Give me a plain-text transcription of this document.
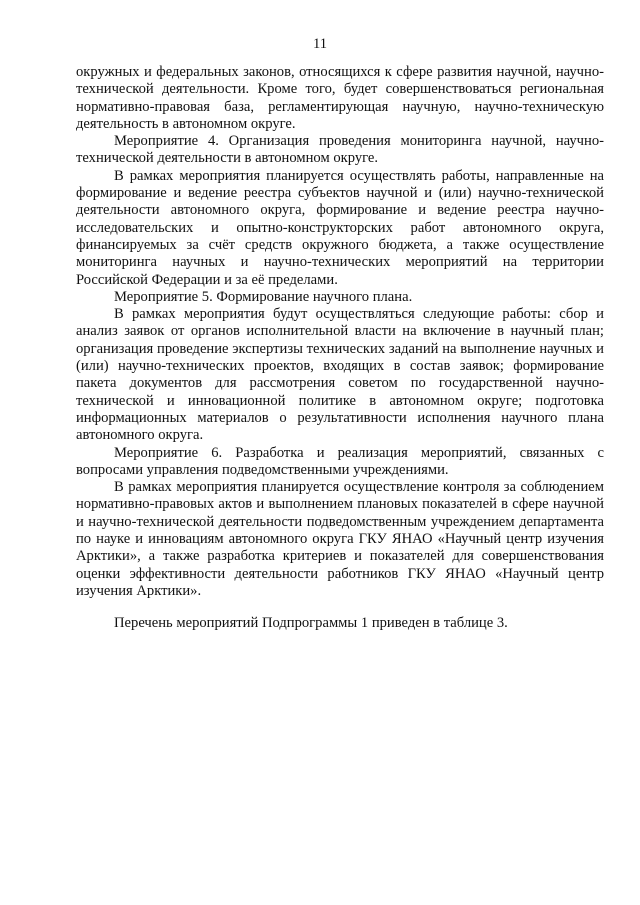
11

окружных и федеральных законов, относящихся к сфере развития научной, научно-технической деятельности. Кроме того, будет совершенствоваться региональная нормативно-правовая база, регламентирующая научную, научно-техническую деятельность в автономном округе.

Мероприятие 4. Организация проведения мониторинга научной, научно-технической деятельности в автономном округе.

В рамках мероприятия планируется осуществлять работы, направленные на формирование и ведение реестра субъектов научной и (или) научно-технической деятельности автономного округа, формирование и ведение реестра научно-исследовательских и опытно-конструкторских работ автономного округа, финансируемых за счёт средств окружного бюджета, а также осуществление мониторинга научных и научно-технических мероприятий на территории Российской Федерации и за её пределами.

Мероприятие 5. Формирование научного плана.

В рамках мероприятия будут осуществляться следующие работы: сбор и анализ заявок от органов исполнительной власти на включение в научный план; организация проведение экспертизы технических заданий на выполнение научных и (или) научно-технических проектов, входящих в состав заявок; формирование пакета документов для рассмотрения советом по государственной научно-технической и инновационной политике в автономном округе; подготовка информационных материалов о результативности исполнения научного плана автономного округа.

Мероприятие 6. Разработка и реализация мероприятий, связанных с вопросами управления подведомственными учреждениями.

В рамках мероприятия планируется осуществление контроля за соблюдением нормативно-правовых актов и выполнением плановых показателей в сфере научной и научно-технической деятельности подведомственным учреждением департамента по науке и инновациям автономного округа ГКУ ЯНАО «Научный центр изучения Арктики», а также разработка критериев и показателей для совершенствования оценки эффективности деятельности работников ГКУ ЯНАО «Научный центр изучения Арктики».

Перечень мероприятий Подпрограммы 1 приведен в таблице 3.
